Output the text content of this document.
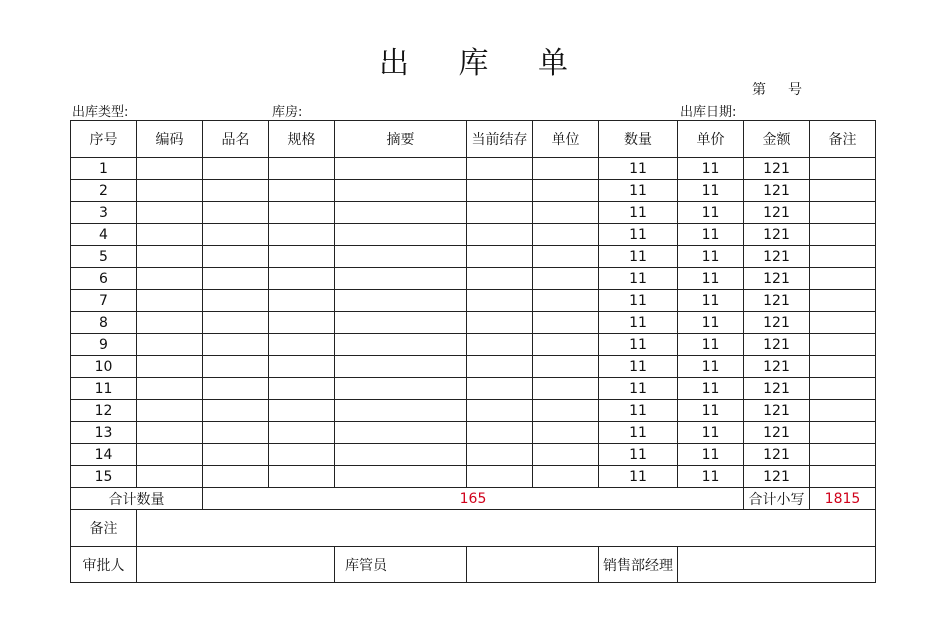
出 库 单
第 号
出库类型:	库房:	出库日期:
序号	编码	品名	规格	摘要	当前结存	单位	数量	单价	金额	备注
1							11	11	121	
2							11	11	121	
3							11	11	121	
4							11	11	121	
5							11	11	121	
6							11	11	121	
7							11	11	121	
8							11	11	121	
9							11	11	121	
10							11	11	121	
11							11	11	121	
12							11	11	121	
13							11	11	121	
14							11	11	121	
15							11	11	121	
合计数量		165							合计小写	1815
备注										
审批人				库管员			销售部经理			
